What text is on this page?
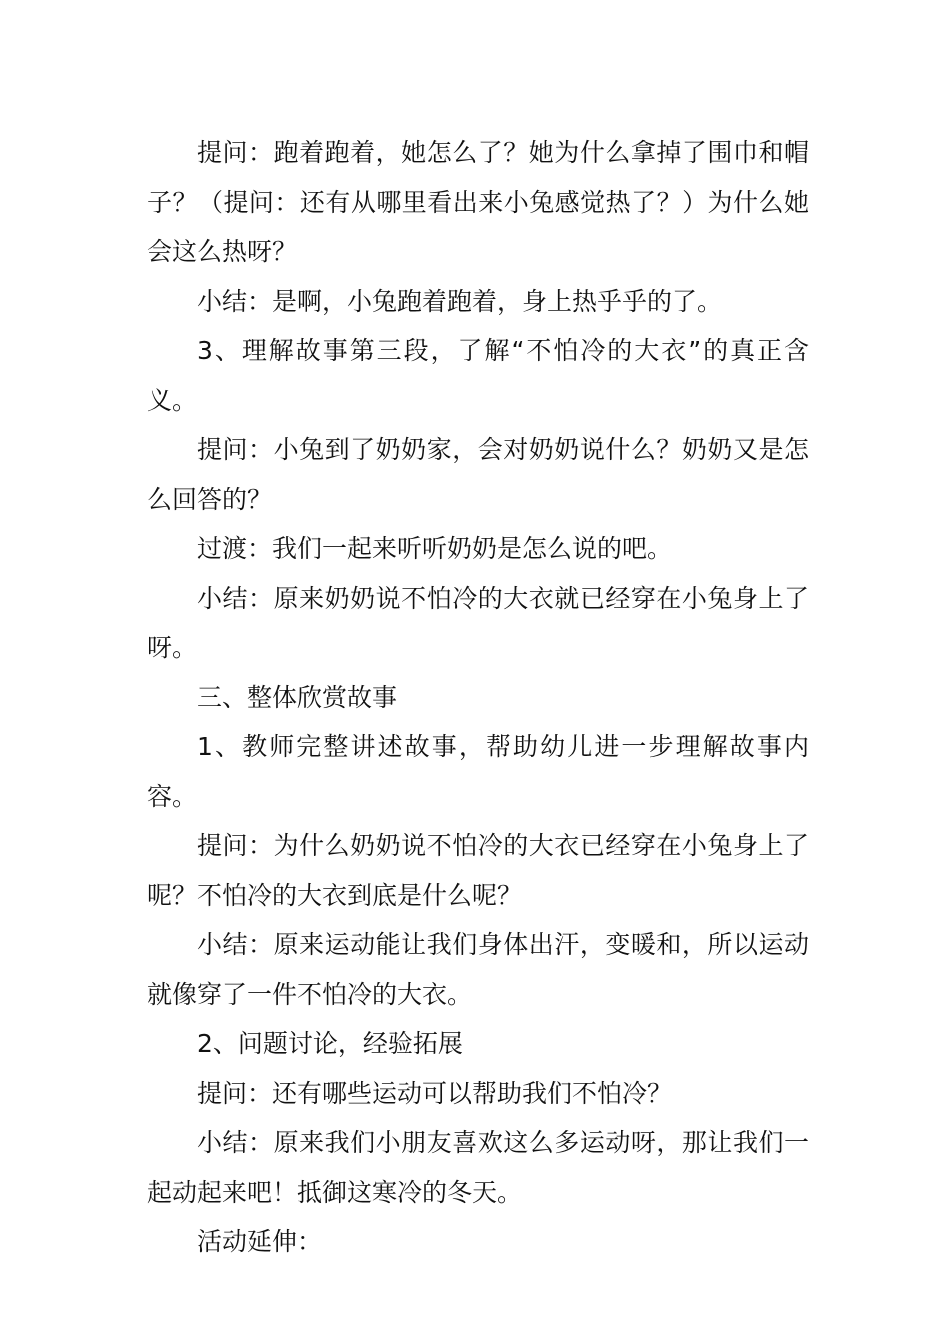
提问：跑着跑着，她怎么了？她为什么拿掉了围巾和帽子？（提问：还有从哪里看出来小兔感觉热了？）为什么她会这么热呀？

小结：是啊，小兔跑着跑着，身上热乎乎的了。

3、理解故事第三段，了解“不怕冷的大衣”的真正含义。

提问：小兔到了奶奶家，会对奶奶说什么？奶奶又是怎么回答的？

过渡：我们一起来听听奶奶是怎么说的吧。

小结：原来奶奶说不怕冷的大衣就已经穿在小兔身上了呀。

三、整体欣赏故事

1、教师完整讲述故事，帮助幼儿进一步理解故事内容。

提问：为什么奶奶说不怕冷的大衣已经穿在小兔身上了呢？不怕冷的大衣到底是什么呢？

小结：原来运动能让我们身体出汗，变暖和，所以运动就像穿了一件不怕冷的大衣。

2、问题讨论，经验拓展

提问：还有哪些运动可以帮助我们不怕冷？

小结：原来我们小朋友喜欢这么多运动呀，那让我们一起动起来吧！抵御这寒冷的冬天。

活动延伸：
